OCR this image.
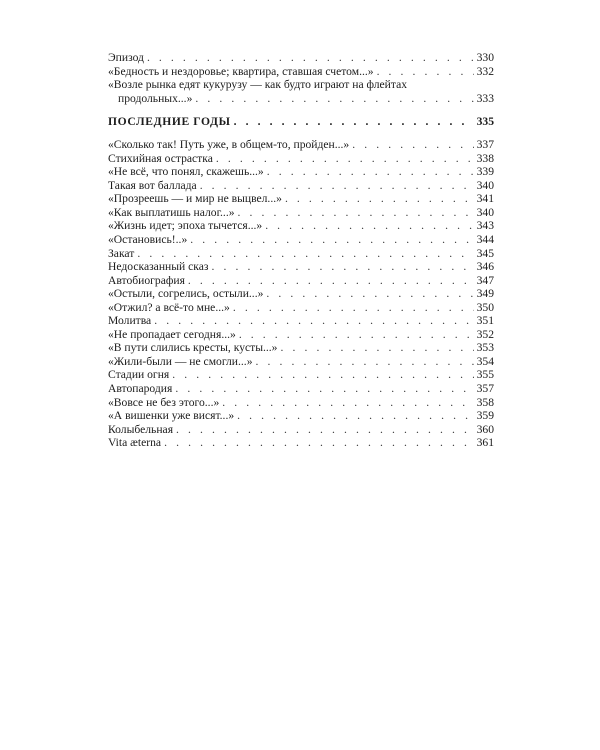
Эпизод . . .	330
«Бедность и нездоровье; квартира, ставшая счетом...» . . .	332
«Возле рынка едят кукурузу — как будто играют на флейтах
продольных...» . . .	333
ПОСЛЕДНИЕ ГОДЫ . . .	335
«Сколько так! Путь уже, в общем-то, пройден...» . . .	337
Стихийная острастка . . .	338
«Не всё, что понял, скажешь...» . . .	339
Такая вот баллада . . .	340
«Прозреешь — и мир не выцвел...» . . .	341
«Как выплатишь налог...» . . .	340
«Жизнь идет; эпоха тычется...» . . .	343
«Остановись!..» . . .	344
Закат . . .	345
Недосказанный сказ . . .	346
Автобиография . . .	347
«Остыли, согрелись, остыли...» . . .	349
«Отжил? а всё-то мне...» . . .	350
Молитва . . .	351
«Не пропадает сегодня...» . . .	352
«В пути слились кресты, кусты...» . . .	353
«Жили-были — не смогли...» . . .	354
Стадии огня . . .	355
Автопародия . . .	357
«Вовсе не без этого...» . . .	358
«А вишенки уже висят...» . . .	359
Колыбельная . . .	360
Vita æterna . . .	361
